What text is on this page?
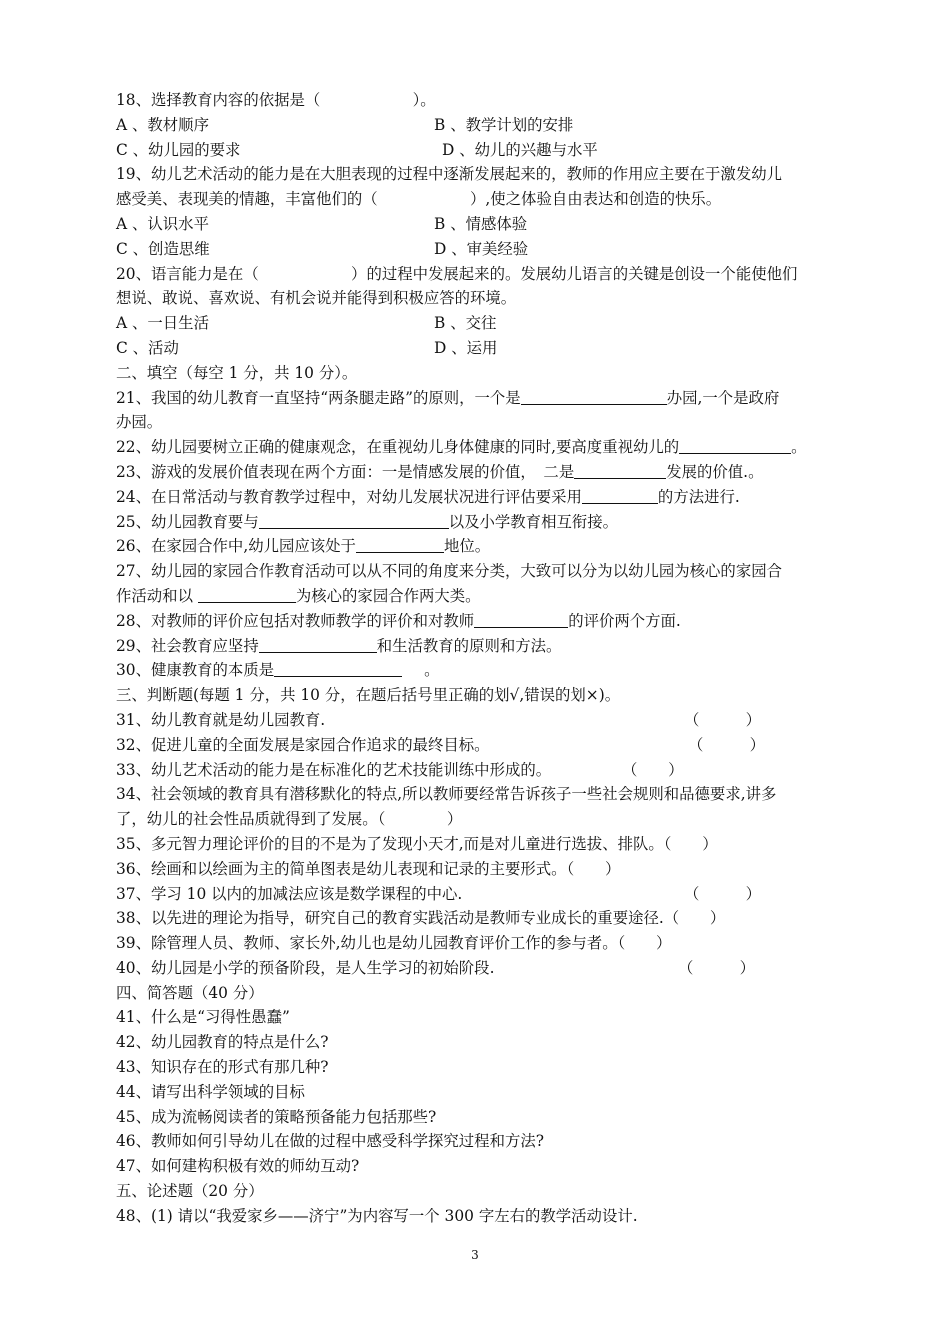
18、选择教育内容的依据是（　　　　　　）。
A 、教材顺序	B 、教学计划的安排
C 、幼儿园的要求	D 、幼儿的兴趣与水平
19、幼儿艺术活动的能力是在大胆表现的过程中逐渐发展起来的，教师的作用应主要在于激发幼儿
感受美、表现美的情趣，丰富他们的（　　　　　　）,使之体验自由表达和创造的快乐。
A 、认识水平	B 、情感体验
C 、创造思维	D 、审美经验
20、语言能力是在（　　　　　　）的过程中发展起来的。发展幼儿语言的关键是创设一个能使他们
想说、敢说、喜欢说、有机会说并能得到积极应答的环境。
A 、一日生活	B 、交往
C 、活动	D 、运用
二、填空（每空 1 分，共 10 分）。
21、我国的幼儿教育一直坚持“两条腿走路”的原则，一个是	办园,一个是政府
办园。
22、幼儿园要树立正确的健康观念，在重视幼儿身体健康的同时,要高度重视幼儿的	。
23、游戏的发展价值表现在两个方面：一是情感发展的价值，　二是	发展的价值.。
24、在日常活动与教育教学过程中，对幼儿发展状况进行评估要采用	的方法进行.
25、幼儿园教育要与	以及小学教育相互衔接。
26、在家园合作中,幼儿园应该处于	地位。
27、幼儿园的家园合作教育活动可以从不同的角度来分类，大致可以分为以幼儿园为核心的家园合
作活动和以	为核心的家园合作两大类。
28、对教师的评价应包括对教师教学的评价和对教师	的评价两个方面.
29、社会教育应坚持	和生活教育的原则和方法。
30、健康教育的本质是	。
三、判断题(每题 1 分，共 10 分，在题后括号里正确的划√,错误的划×)。
31、幼儿教育就是幼儿园教育.	（　　　）
32、促进儿童的全面发展是家园合作追求的最终目标。	（　　　）
33、幼儿艺术活动的能力是在标准化的艺术技能训练中形成的。	（　　）
34、社会领域的教育具有潜移默化的特点,所以教师要经常告诉孩子一些社会规则和品德要求,讲多
了，幼儿的社会性品质就得到了发展。（　　　　）
35、多元智力理论评价的目的不是为了发现小天才,而是对儿童进行选拔、排队。（　　）
36、绘画和以绘画为主的简单图表是幼儿表现和记录的主要形式。（　　）
37、学习 10 以内的加减法应该是数学课程的中心.	（　　　）
38、以先进的理论为指导，研究自己的教育实践活动是教师专业成长的重要途径.（　　）
39、除管理人员、教师、家长外,幼儿也是幼儿园教育评价工作的参与者。（　　）
40、幼儿园是小学的预备阶段，是人生学习的初始阶段.	（　　　）
四、简答题（40 分）
41、什么是“习得性愚蠢”
42、幼儿园教育的特点是什么?
43、知识存在的形式有那几种?
44、请写出科学领域的目标
45、成为流畅阅读者的策略预备能力包括那些?
46、教师如何引导幼儿在做的过程中感受科学探究过程和方法?
47、如何建构积极有效的师幼互动?
五、论述题（20 分）
48、(1) 请以“我爱家乡——济宁”为内容写一个 300 字左右的教学活动设计.
3
